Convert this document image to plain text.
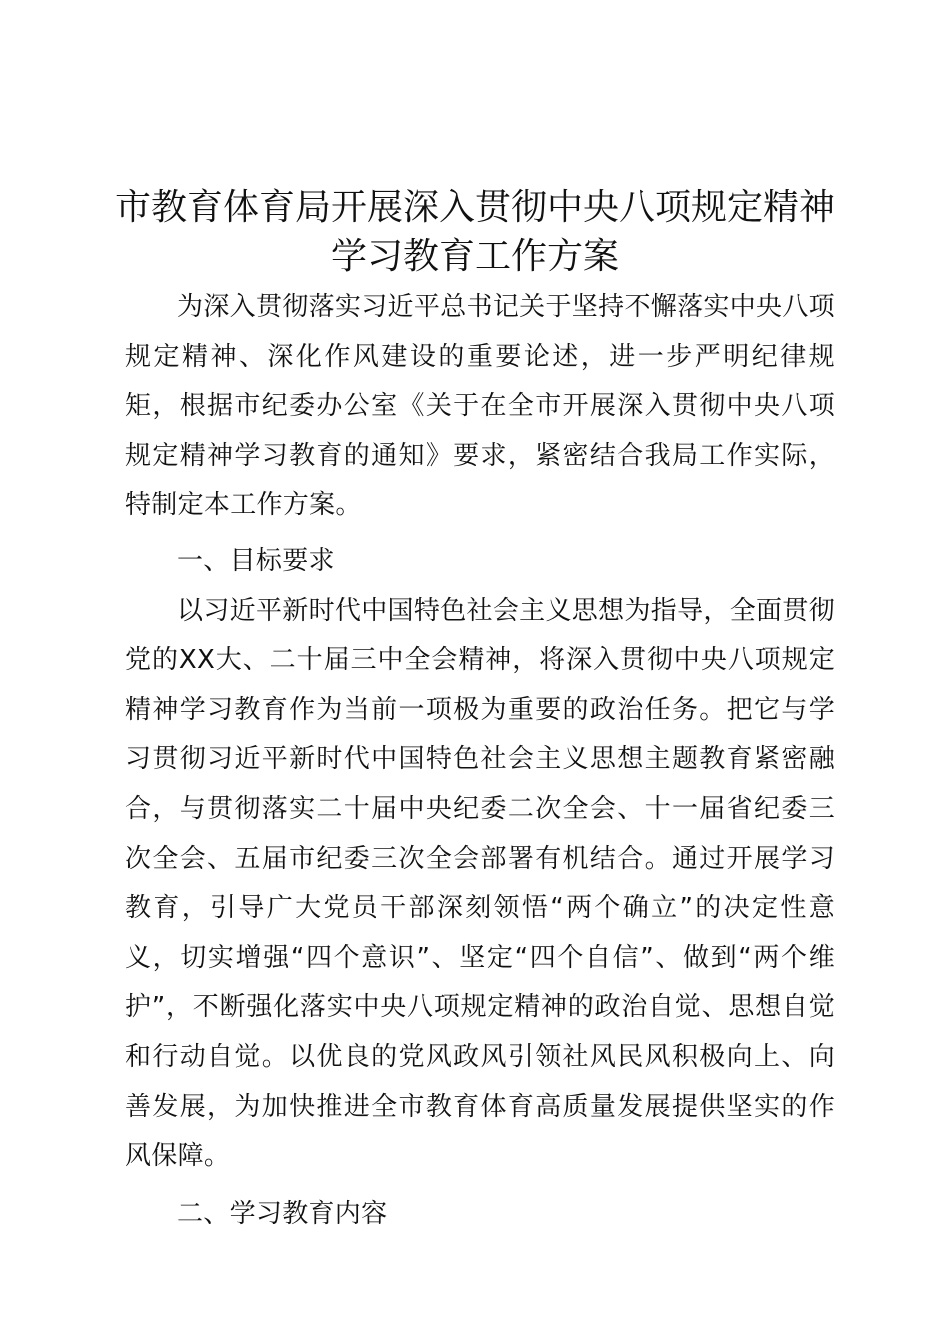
市教育体育局开展深入贯彻中央八项规定精神
学习教育工作方案

为深入贯彻落实习近平总书记关于坚持不懈落实中央八项规定精神、深化作风建设的重要论述，进一步严明纪律规矩，根据市纪委办公室《关于在全市开展深入贯彻中央八项规定精神学习教育的通知》要求，紧密结合我局工作实际，特制定本工作方案。

一、目标要求

以习近平新时代中国特色社会主义思想为指导，全面贯彻党的XX大、二十届三中全会精神，将深入贯彻中央八项规定精神学习教育作为当前一项极为重要的政治任务。把它与学习贯彻习近平新时代中国特色社会主义思想主题教育紧密融合，与贯彻落实二十届中央纪委二次全会、十一届省纪委三次全会、五届市纪委三次全会部署有机结合。通过开展学习教育，引导广大党员干部深刻领悟“两个确立”的决定性意义，切实增强“四个意识”、坚定“四个自信”、做到“两个维护”，不断强化落实中央八项规定精神的政治自觉、思想自觉和行动自觉。以优良的党风政风引领社风民风积极向上、向善发展，为加快推进全市教育体育高质量发展提供坚实的作风保障。

二、学习教育内容
